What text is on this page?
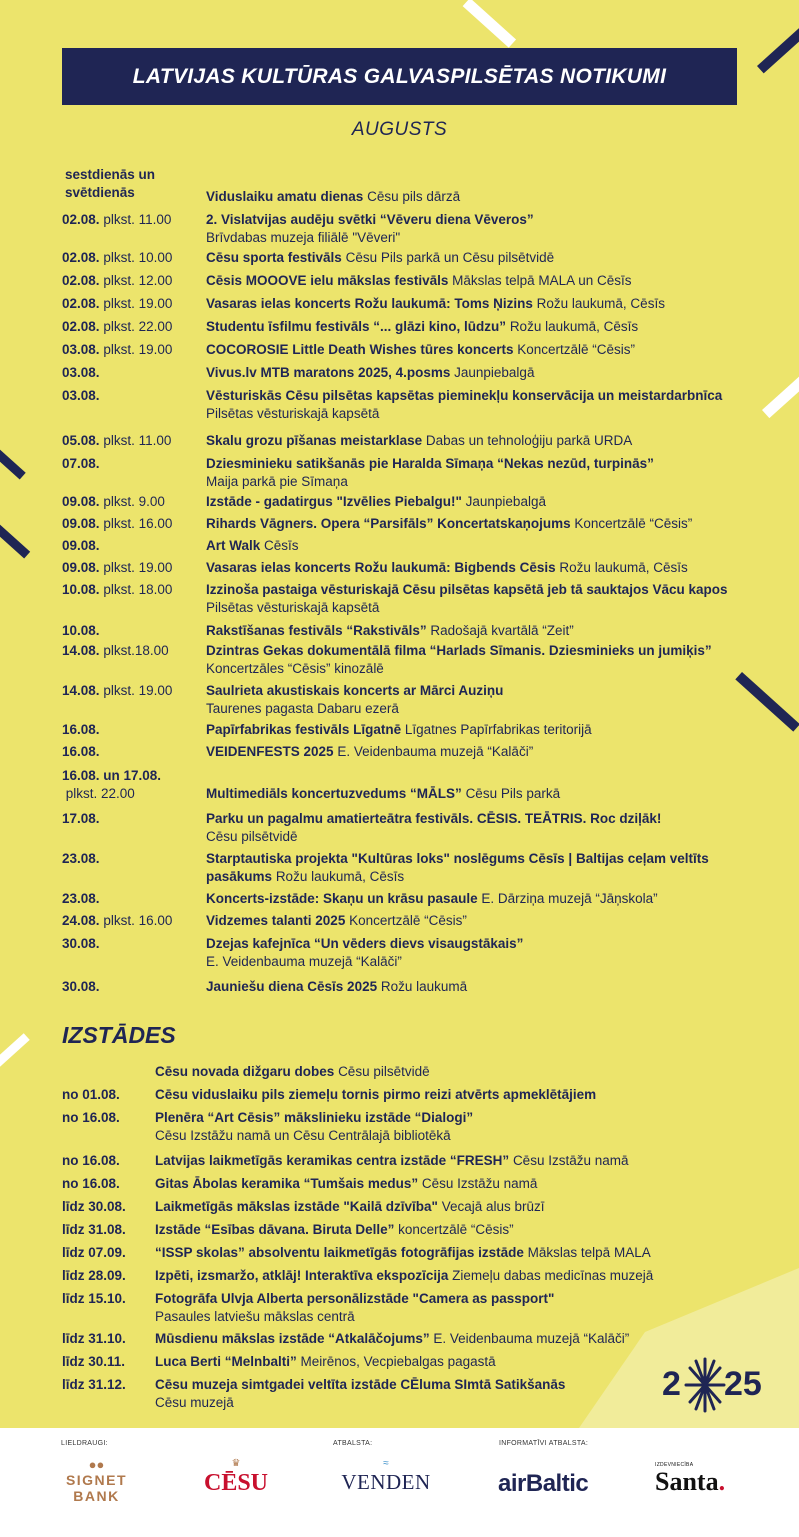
LATVIJAS KULTŪRAS GALVASPILSĒTAS NOTIKUMI
AUGUSTS
sestdienās un
svētdienās	Viduslaiku amatu dienas Cēsu pils dārzā
02.08. plkst. 11.00	2. Vislatvijas audēju svētki “Vēveru diena Vēveros”
Brīvdabas muzeja filiālē "Vēveri"
02.08. plkst. 10.00 Cēsu sporta festivāls Cēsu Pils parkā un Cēsu pilsētvidē
02.08. plkst. 12.00 Cēsis MOOOVE ielu mākslas festivāls Mākslas telpā MALA un Cēsīs
02.08. plkst. 19.00 Vasaras ielas koncerts Rožu laukumā: Toms Ņizins Rožu laukumā, Cēsīs
02.08. plkst. 22.00 Studentu īsfilmu festivāls “... glāzi kino, lūdzu” Rožu laukumā, Cēsīs
03.08. plkst. 19.00 COCOROSIE Little Death Wishes tūres koncerts Koncertzālē “Cēsis”
03.08.	Vivus.lv MTB maratons 2025, 4.posms Jaunpiebalgā
03.08.	Vēsturiskās Cēsu pilsētas kapsētas pieminekļu konservācija un meistardarbnīca Pilsētas vēsturiskajā kapsētā
05.08. plkst. 11.00	Skalu grozu pīšanas meistarklase Dabas un tehnoloģiju parkā URDA
07.08.	Dziesminieku satikšanās pie Haralda Sīmaņa “Nekas nezūd, turpinās”
Maija parkā pie Sīmaņa
09.08. plkst. 9.00	Izstāde - gadatirgus "Izvēlies Piebalgu!" Jaunpiebalgā
09.08. plkst. 16.00 Rihards Vāgners. Opera “Parsifāls” Koncertatskaņojums Koncertzālē “Cēsis”
09.08.	Art Walk Cēsīs
09.08. plkst. 19.00 Vasaras ielas koncerts Rožu laukumā: Bigbends Cēsis Rožu laukumā, Cēsīs
10.08. plkst. 18.00 Izzinoša pastaiga vēsturiskajā Cēsu pilsētas kapsētā jeb tā sauktajos Vācu kapos Pilsētas vēsturiskajā kapsētā
10.08.	Rakstīšanas festivāls “Rakstivāls” Radošajā kvartālā “Zeit”
14.08. plkst.18.00	Dzintras Gekas dokumentālā filma “Harlads Sīmanis. Dziesminieks un jumiķis” Koncertzāles “Cēsis” kinozālē
14.08. plkst. 19.00 Saulrieta akustiskais koncerts ar Mārci Auziņu
Taurenes pagasta Dabaru ezerā
16.08.	Papīrfabrikas festivāls Līgatnē Līgatnes Papīrfabrikas teritorijā
16.08.	VEIDENFESTS 2025 E. Veidenbauma muzejā “Kalāči”
16.08. un 17.08.
plkst. 22.00	Multimediāls koncertuzvedums “MĀLS” Cēsu Pils parkā
17.08.	Parku un pagalmu amatierteātra festivāls. CĒSIS. TEĀTRIS. Roc dziļāk!
Cēsu pilsētvidē
23.08.	Starptautiska projekta "Kultūras loks" noslēgums Cēsīs | Baltijas ceļam veltīts pasākums Rožu laukumā, Cēsīs
23.08.	Koncerts-izstāde: Skaņu un krāsu pasaule E. Dārziņa muzejā “Jāņskola”
24.08. plkst. 16.00 Vidzemes talanti 2025 Koncertzālē “Cēsis”
30.08.	Dzejas kafejnīca “Un vēders dievs visaugstākais”
E. Veidenbauma muzejā “Kalāči”
30.08.	Jauniešu diena Cēsīs 2025 Rožu laukumā
IZSTĀDES
Cēsu novada dižgaru dobes Cēsu pilsētvidē
no 01.08.	Cēsu viduslaiku pils ziemeļu tornis pirmo reizi atvērts apmeklētājiem
no 16.08.	Plenēra “Art Cēsis” mākslinieku izstāde “Dialogi”
Cēsu Izstāžu namā un Cēsu Centrālajā bibliotēkā
no 16.08.	Latvijas laikmetīgās keramikas centra izstāde “FRESH” Cēsu Izstāžu namā
no 16.08.	Gitas Ābolas keramika “Tumšais medus” Cēsu Izstāžu namā
līdz 30.08. Laikmetīgās mākslas izstāde "Kailā dzīvība" Vecajā alus brūzī
līdz 31.08. Izstāde “Esības dāvana. Biruta Delle” koncertzālē “Cēsis”
līdz 07.09. “ISSP skolas” absolventu laikmetīgās fotogrāfijas izstāde Mākslas telpā MALA
līdz 28.09. Izpēti, izsmaržo, atklāj! Interaktīva ekspozīcija Ziemeļu dabas medicīnas muzejā
līdz 15.10. Fotogrāfa Ulvja Alberta personālizstāde "Camera as passport"
Pasaules latviešu mākslas centrā
līdz 31.10. Mūsdienu mākslas izstāde “Atkalāčojums” E. Veidenbauma muzejā “Kalāči”
līdz 30.11. Luca Berti “Melnbalti” Meirēnos, Vecpiebalgas pagastā
līdz 31.12. Cēsu muzeja simtgadei veltīta izstāde CĒluma SImtā Satikšanās
Cēsu muzejā	2 25
LIELDRAUGI:	ATBALSTA:	INFORMATĪVI ATBALSTA:
●●
SIGNET
BANK
♛
CĒSU
≈
VENDEN	airBaltic
IZDEVNIECĪBA
Santa.
